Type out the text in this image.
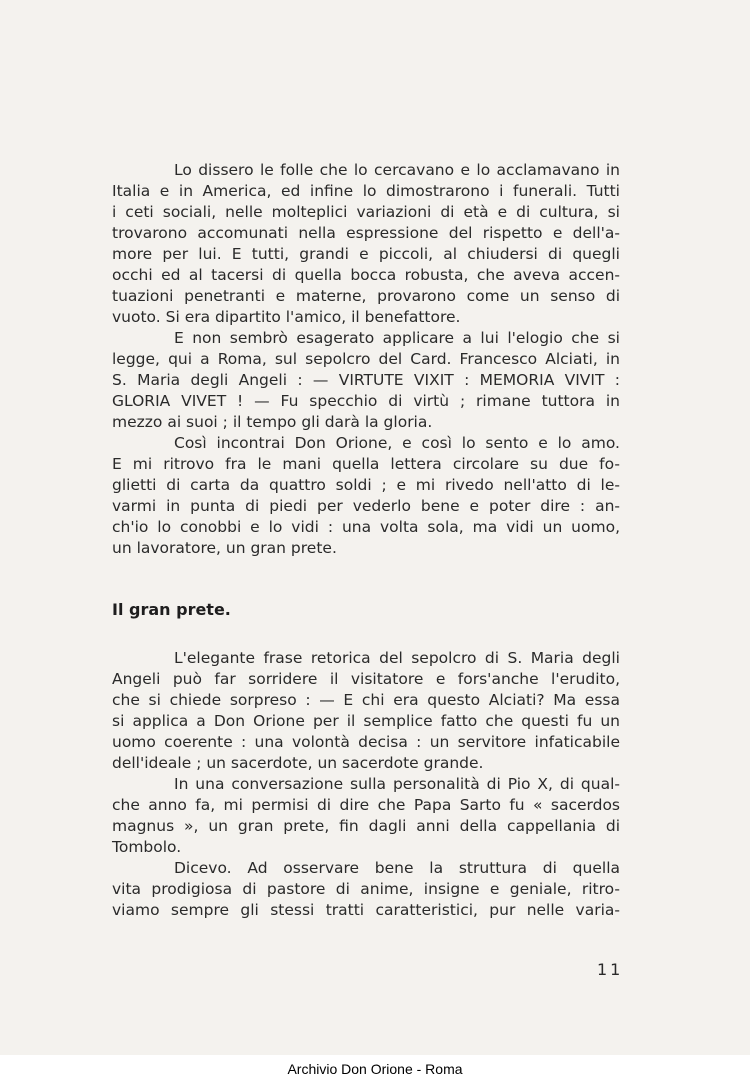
Lo dissero le folle che lo cercavano e lo acclamavano in
Italia e in America, ed infine lo dimostrarono i funerali. Tutti
i ceti sociali, nelle molteplici variazioni di età e di cultura, si
trovarono accomunati nella espressione del rispetto e dell'a-
more per lui. E tutti, grandi e piccoli, al chiudersi di quegli
occhi ed al tacersi di quella bocca robusta, che aveva accen-
tuazioni penetranti e materne, provarono come un senso di
vuoto. Si era dipartito l'amico, il benefattore.
E non sembrò esagerato applicare a lui l'elogio che si
legge, qui a Roma, sul sepolcro del Card. Francesco Alciati, in
S. Maria degli Angeli : — VIRTUTE VIXIT : MEMORIA VIVIT :
GLORIA VIVET ! — Fu specchio di virtù ; rimane tuttora in
mezzo ai suoi ; il tempo gli darà la gloria.
Così incontrai Don Orione, e così lo sento e lo amo.
E mi ritrovo fra le mani quella lettera circolare su due fo-
glietti di carta da quattro soldi ; e mi rivedo nell'atto di le-
varmi in punta di piedi per vederlo bene e poter dire : an-
ch'io lo conobbi e lo vidi : una volta sola, ma vidi un uomo,
un lavoratore, un gran prete.
Il gran prete.
L'elegante frase retorica del sepolcro di S. Maria degli
Angeli può far sorridere il visitatore e fors'anche l'erudito,
che si chiede sorpreso : — E chi era questo Alciati? Ma essa
si applica a Don Orione per il semplice fatto che questi fu un
uomo coerente : una volontà decisa : un servitore infaticabile
dell'ideale ; un sacerdote, un sacerdote grande.
In una conversazione sulla personalità di Pio X, di qual-
che anno fa, mi permisi di dire che Papa Sarto fu « sacerdos
magnus », un gran prete, fin dagli anni della cappellania di
Tombolo.
Dicevo. Ad osservare bene la struttura di quella
vita prodigiosa di pastore di anime, insigne e geniale, ritro-
viamo sempre gli stessi tratti caratteristici, pur nelle varia-
11
Archivio Don Orione - Roma
